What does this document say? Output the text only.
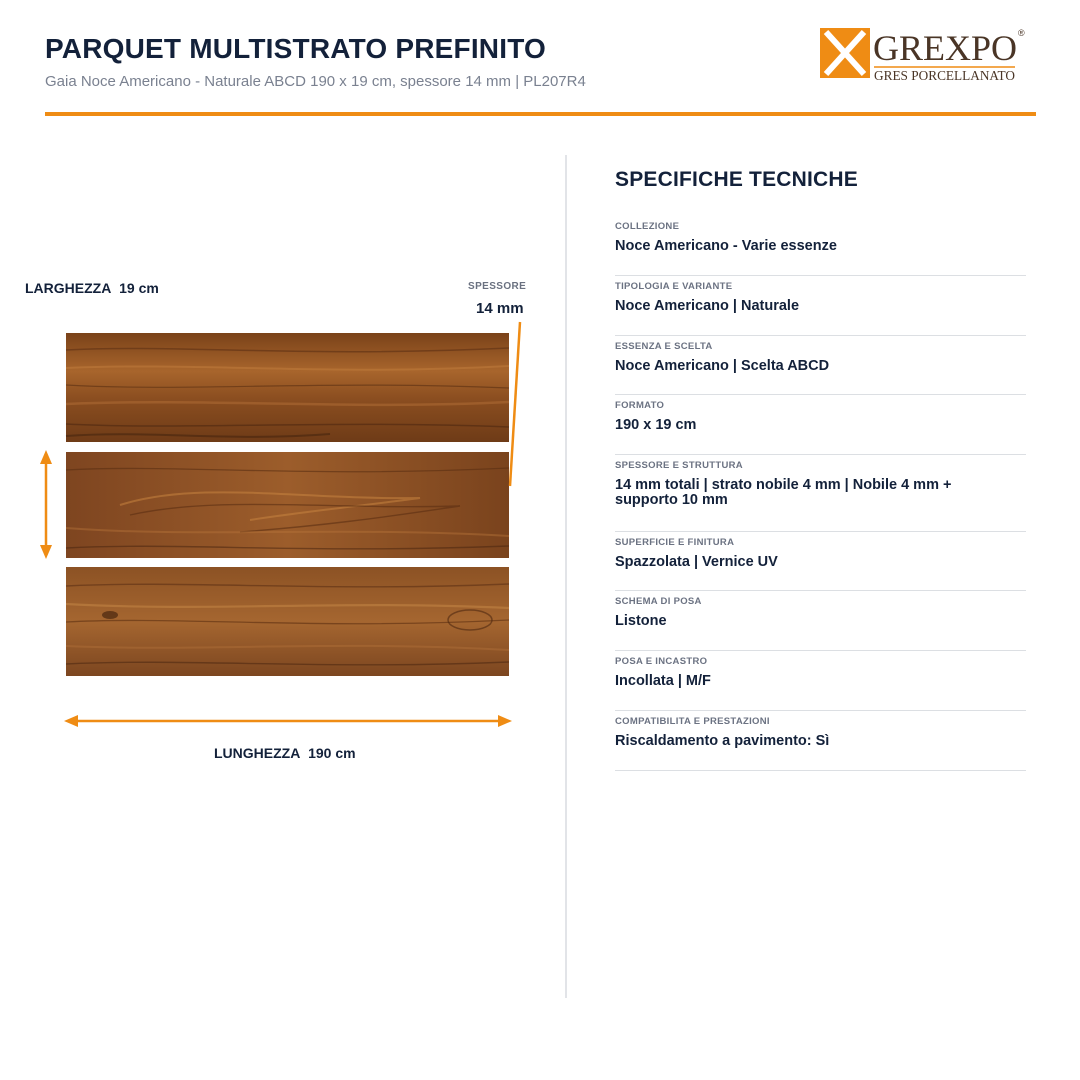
PARQUET MULTISTRATO PREFINITO
Gaia Noce Americano - Naturale ABCD 190 x 19 cm, spessore 14 mm | PL207R4
GREXPO ®
GRES PORCELLANATO
LARGHEZZA 19 cm	SPESSORE
14 mm
LUNGHEZZA 190 cm
SPECIFICHE TECNICHE
COLLEZIONE
Noce Americano - Varie essenze
TIPOLOGIA E VARIANTE
Noce Americano | Naturale
ESSENZA E SCELTA
Noce Americano | Scelta ABCD
FORMATO
190 x 19 cm
SPESSORE E STRUTTURA
14 mm totali | strato nobile 4 mm | Nobile 4 mm + supporto 10 mm
SUPERFICIE E FINITURA
Spazzolata | Vernice UV
SCHEMA DI POSA
Listone
POSA E INCASTRO
Incollata | M/F
COMPATIBILITA E PRESTAZIONI
Riscaldamento a pavimento: Sì
